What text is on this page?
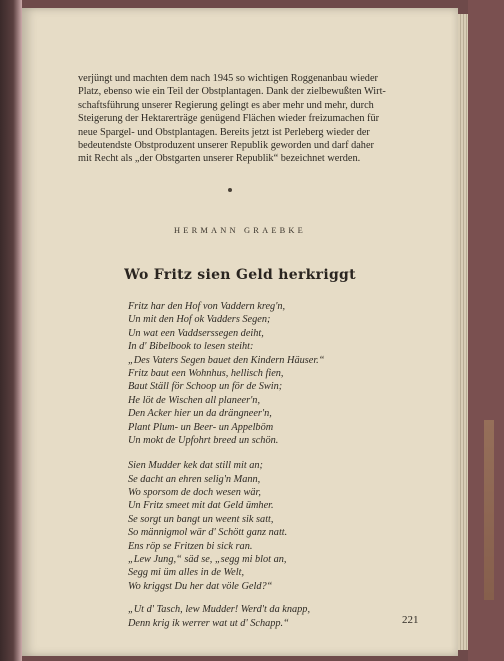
verjüngt und machten dem nach 1945 so wichtigen Roggenanbau wieder
Platz, ebenso wie ein Teil der Obstplantagen. Dank der zielbewußten Wirt-
schaftsführung unserer Regierung gelingt es aber mehr und mehr, durch
Steigerung der Hektarerträge genügend Flächen wieder freizumachen für
neue Spargel- und Obstplantagen. Bereits jetzt ist Perleberg wieder der
bedeutendste Obstproduzent unserer Republik geworden und darf daher
mit Recht als „der Obstgarten unserer Republik“ bezeichnet werden.
HERMANN GRAEBKE
Wo Fritz sien Geld herkriggt
Fritz har den Hof von Vaddern kreg'n,
Un mit den Hof ok Vadders Segen;
Un wat een Vaddserssegen deiht,
In d' Bibelbook to lesen steiht:
„Des Vaters Segen bauet den Kindern Häuser.“
Fritz baut een Wohnhus, hellisch fien,
Baut Ställ för Schoop un för de Swin;
He löt de Wischen all planeer'n,
Den Acker hier un da drängneer'n,
Plant Plum- un Beer- un Appelböm
Un mokt de Upfohrt breed un schön.
Sien Mudder kek dat still mit an;
Se dacht an ehren selig'n Mann,
Wo sporsom de doch wesen wär,
Un Fritz smeet mit dat Geld ümher.
Se sorgt un bangt un weent sik satt,
So männigmol wär d' Schött ganz natt.
Ens röp se Fritzen bi sick ran.
„Lew Jung,“ säd se, „segg mi blot an,
Segg mi üm alles in de Welt,
Wo kriggst Du her dat völe Geld?“
„Ut d' Tasch, lew Mudder! Werd't da knapp,
Denn krig ik werrer wat ut d' Schapp.“	221
